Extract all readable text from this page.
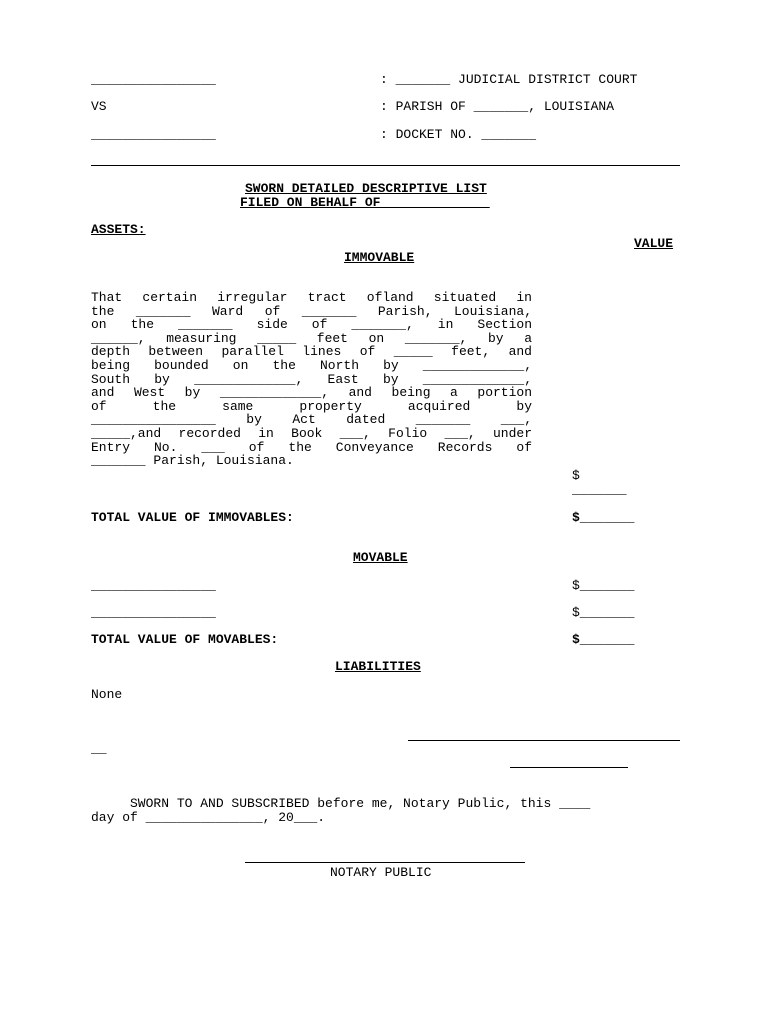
________________	: _______ JUDICIAL DISTRICT COURT
VS	: PARISH OF _______, LOUISIANA
________________	: DOCKET NO. _______
SWORN DETAILED DESCRIPTIVE LIST
FILED ON BEHALF OF _____________
ASSETS:
VALUE
IMMOVABLE
That certain irregular tract ofland situated in
the _______ Ward of _______ Parish, Louisiana,
on the _______ side of _______, in Section
______, measuring _____ feet on _______, by a
depth between parallel lines of _____ feet, and
being bounded on the North by _____________,
South by _____________, East by _____________,
and West by _____________, and being a portion
of the same property acquired by
________________ by Act dated _______ ___,
_____,and recorded in Book ___, Folio ___, under
Entry No. ___ of the Conveyance Records of
_______ Parish, Louisiana.
$
_______
TOTAL VALUE OF IMMOVABLES:	$_______
MOVABLE
________________	$_______
________________	$_______
TOTAL VALUE OF MOVABLES:	$_______
LIABILITIES
None
__
SWORN TO AND SUBSCRIBED before me, Notary Public, this ____
day of _______________, 20___.
NOTARY PUBLIC
